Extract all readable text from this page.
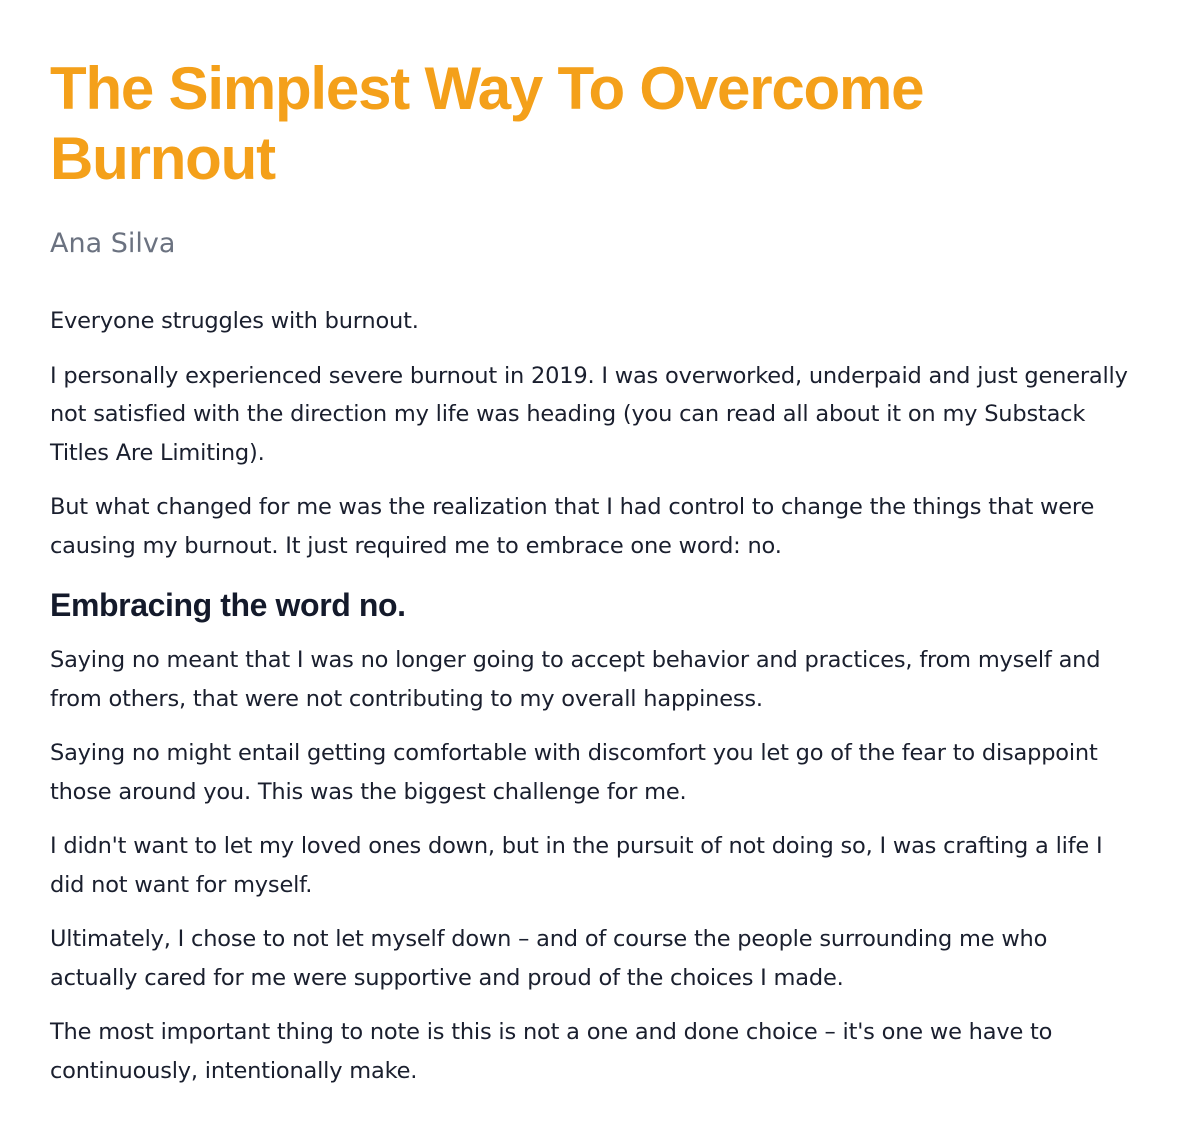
The Simplest Way To Overcome Burnout
Ana Silva

Everyone struggles with burnout.

I personally experienced severe burnout in 2019. I was overworked, underpaid and just generally not satisfied with the direction my life was heading (you can read all about it on my Substack Titles Are Limiting).

But what changed for me was the realization that I had control to change the things that were causing my burnout. It just required me to embrace one word: no.

Embracing the word no.

Saying no meant that I was no longer going to accept behavior and practices, from myself and from others, that were not contributing to my overall happiness.

Saying no might entail getting comfortable with discomfort you let go of the fear to disappoint those around you. This was the biggest challenge for me.

I didn't want to let my loved ones down, but in the pursuit of not doing so, I was crafting a life I did not want for myself.

Ultimately, I chose to not let myself down – and of course the people surrounding me who actually cared for me were supportive and proud of the choices I made.

The most important thing to note is this is not a one and done choice – it's one we have to continuously, intentionally make.
